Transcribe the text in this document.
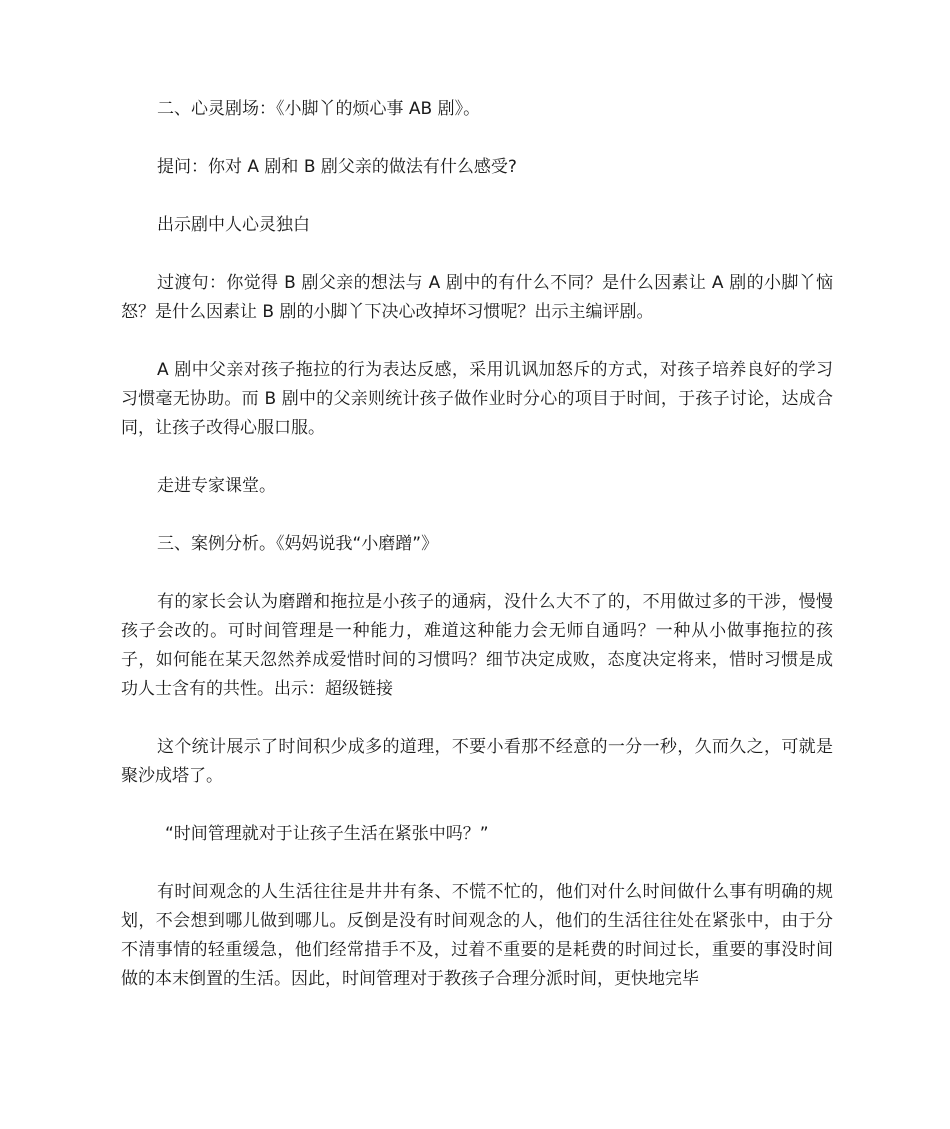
二、心灵剧场：《小脚丫的烦心事 AB 剧》。

提问：你对 A 剧和 B 剧父亲的做法有什么感受?

出示剧中人心灵独白

过渡句：你觉得 B 剧父亲的想法与 A 剧中的有什么不同？是什么因素让 A 剧的小脚丫恼怒？是什么因素让 B 剧的小脚丫下决心改掉坏习惯呢？出示主编评剧。

A 剧中父亲对孩子拖拉的行为表达反感，采用讥讽加怒斥的方式，对孩子培养良好的学习习惯毫无协助。而 B 剧中的父亲则统计孩子做作业时分心的项目于时间，于孩子讨论，达成合同，让孩子改得心服口服。

走进专家课堂。

三、案例分析。《妈妈说我“小磨蹭”》

有的家长会认为磨蹭和拖拉是小孩子的通病，没什么大不了的，不用做过多的干涉，慢慢孩子会改的。可时间管理是一种能力，难道这种能力会无师自通吗？一种从小做事拖拉的孩子，如何能在某天忽然养成爱惜时间的习惯吗？细节决定成败，态度决定将来，惜时习惯是成功人士含有的共性。出示：超级链接

这个统计展示了时间积少成多的道理，不要小看那不经意的一分一秒，久而久之，可就是聚沙成塔了。

“时间管理就对于让孩子生活在紧张中吗？”

有时间观念的人生活往往是井井有条、不慌不忙的，他们对什么时间做什么事有明确的规划，不会想到哪儿做到哪儿。反倒是没有时间观念的人，他们的生活往往处在紧张中，由于分不清事情的轻重缓急，他们经常措手不及，过着不重要的是耗费的时间过长，重要的事没时间做的本末倒置的生活。因此，时间管理对于教孩子合理分派时间，更快地完毕
